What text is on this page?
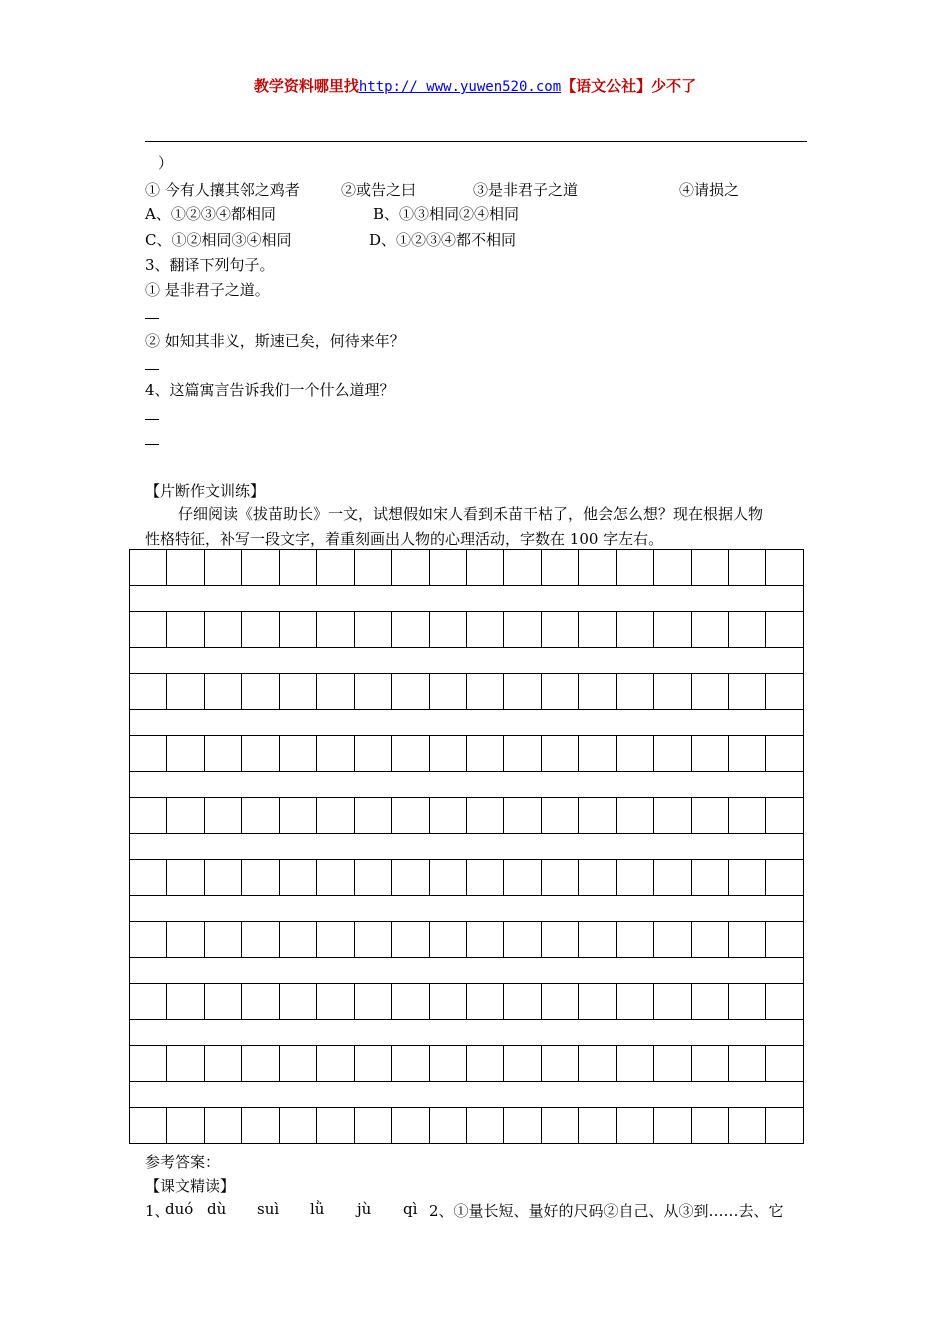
教学资料哪里找http:// www.yuwen520.com【语文公社】少不了
）
① 今有人攘其邻之鸡者	②或告之曰	③是非君子之道	④请损之
A、①②③④都相同	B、①③相同②④相同
C、①②相同③④相同	D、①②③④都不相同
3、翻译下列句子。
① 是非君子之道。
② 如知其非义，斯速已矣，何待来年？
4、这篇寓言告诉我们一个什么道理？
【片断作文训练】
仔细阅读《拔苗助长》一文，试想假如宋人看到禾苗干枯了，他会怎么想？现在根据人物
性格特征，补写一段文字，着重刻画出人物的心理活动，字数在 100 字左右。
参考答案：
【课文精读】
1、
duó dù suì lǜ jù qì 2、①量长短、量好的尺码②自己、从③到……去、它
